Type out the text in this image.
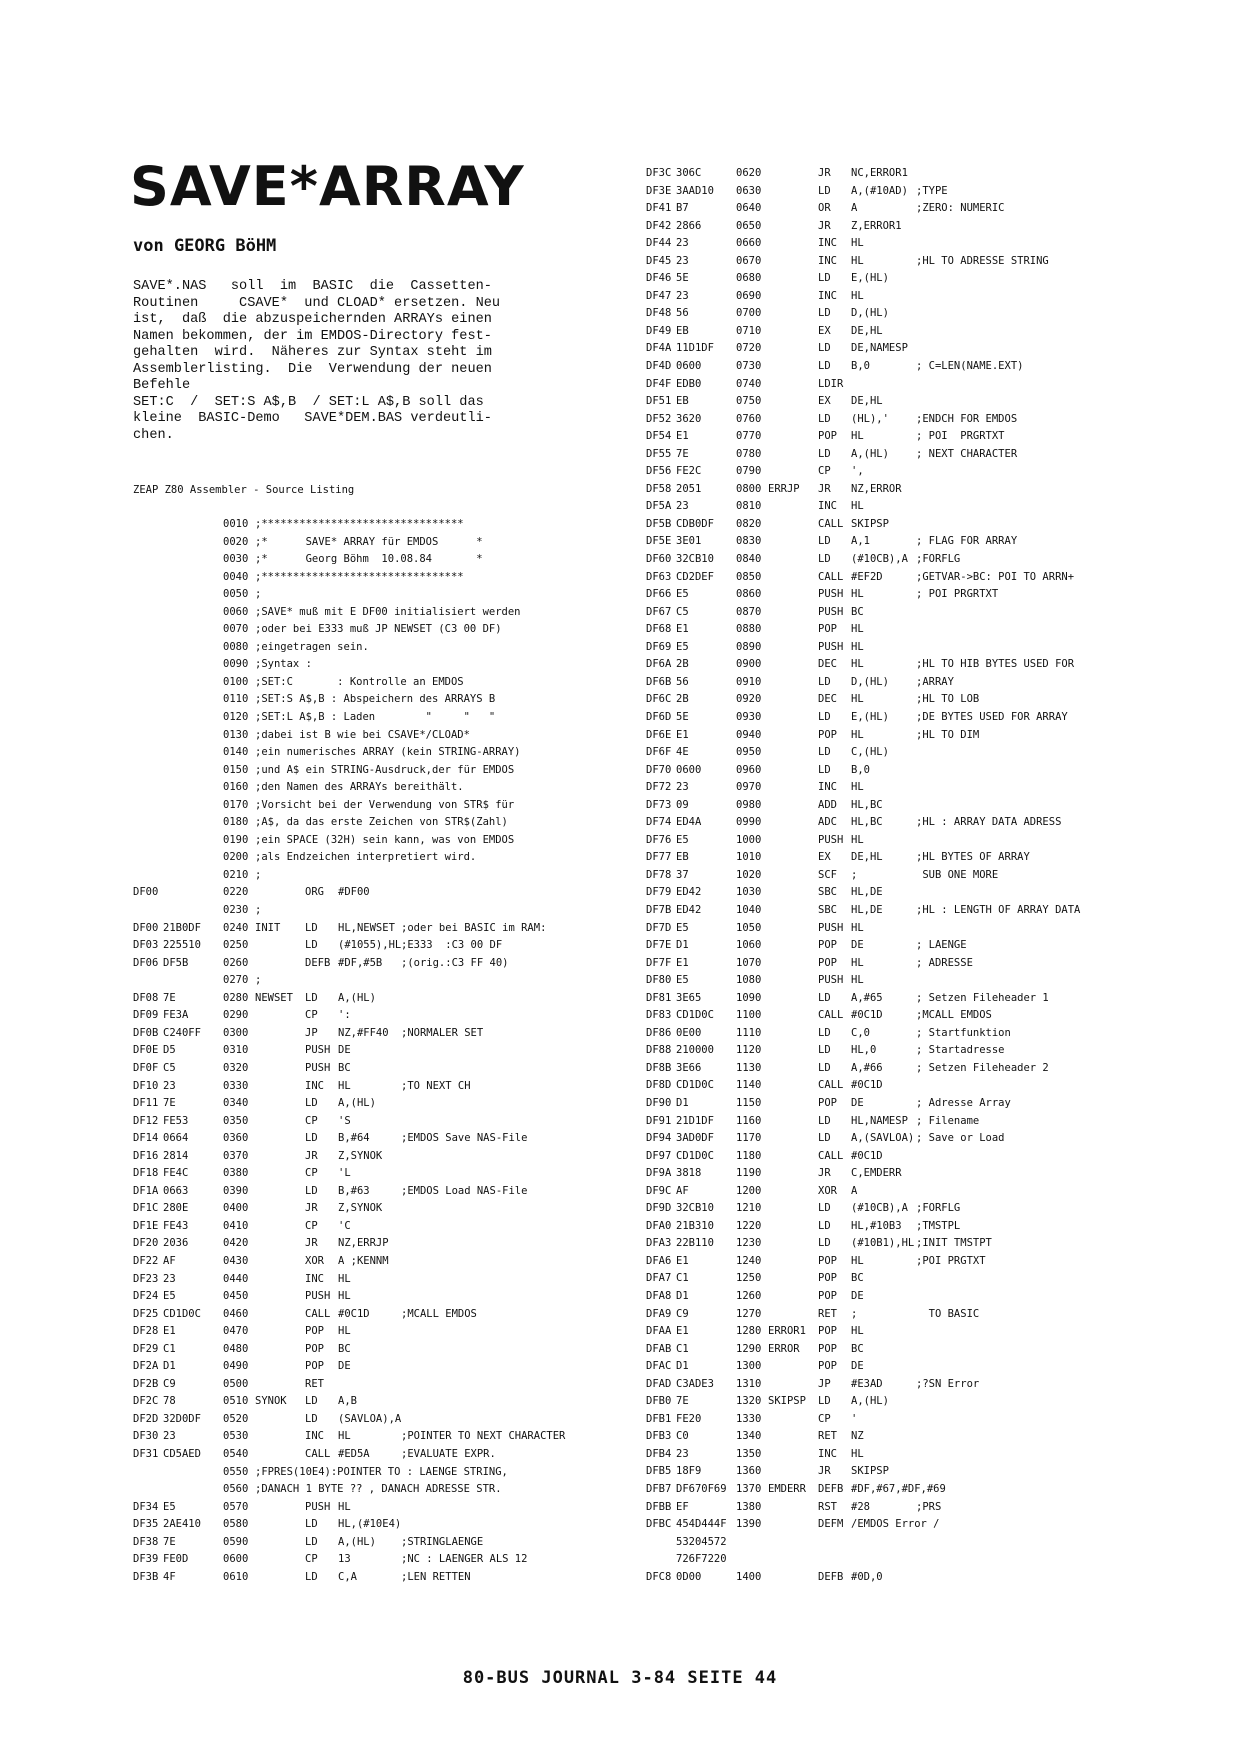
SAVE*ARRAY
von GEORG BöHM
SAVE*.NAS   soll  im  BASIC  die  Cassetten-
Routinen     CSAVE*  und CLOAD* ersetzen. Neu
ist,  daß  die abzuspeichernden ARRAYs einen
Namen bekommen, der im EMDOS-Directory fest-
gehalten  wird.  Näheres zur Syntax steht im
Assemblerlisting.  Die  Verwendung der neuen
Befehle
SET:C  /  SET:S A$,B  / SET:L A$,B soll das
kleine  BASIC-Demo   SAVE*DEM.BAS verdeutli-
chen.
ZEAP Z80 Assembler - Source Listing
0010 ;********************************
0020 ;*      SAVE* ARRAY für EMDOS      *
0030 ;*      Georg Böhm  10.08.84       *
0040 ;********************************
0050 ;
0060 ;SAVE* muß mit E DF00 initialisiert werden
0070 ;oder bei E333 muß JP NEWSET (C3 00 DF)
0080 ;eingetragen sein.
0090 ;Syntax :
0100 ;SET:C       : Kontrolle an EMDOS
0110 ;SET:S A$,B : Abspeichern des ARRAYS B
0120 ;SET:L A$,B : Laden        "     "   "
0130 ;dabei ist B wie bei CSAVE*/CLOAD*
0140 ;ein numerisches ARRAY (kein STRING-ARRAY)
0150 ;und A$ ein STRING-Ausdruck,der für EMDOS
0160 ;den Namen des ARRAYs bereithält.
0170 ;Vorsicht bei der Verwendung von STR$ für
0180 ;A$, da das erste Zeichen von STR$(Zahl)
0190 ;ein SPACE (32H) sein kann, was von EMDOS
0200 ;als Endzeichen interpretiert wird.
0210 ;
DF00	0220	ORG #DF00
0230 ;
DF00 21B0DF 0240 INIT LD HL,NEWSET ;oder bei BASIC im RAM:
DF03 225510 0250	LD (#1055),HL ;E333  :C3 00 DF
DF06 DF5B	0260	DEFB #DF,#5B ;(orig.:C3 FF 40)
0270 ;
DF08 7E	0280 NEWSET LD A,(HL)
DF09 FE3A	0290	CP ':
DF0B C240FF 0300	JP NZ,#FF40 ;NORMALER SET
DF0E D5	0310	PUSH DE
DF0F C5	0320	PUSH BC
DF10 23	0330	INC HL	;TO NEXT CH
DF11 7E	0340	LD A,(HL)
DF12 FE53	0350	CP 'S
DF14 0664	0360	LD B,#64	;EMDOS Save NAS-File
DF16 2814	0370	JR Z,SYNOK
DF18 FE4C	0380	CP 'L
DF1A 0663	0390	LD B,#63	;EMDOS Load NAS-File
DF1C 280E	0400	JR Z,SYNOK
DF1E FE43	0410	CP 'C
DF20 2036	0420	JR NZ,ERRJP
DF22 AF	0430	XOR A ;KENNM
DF23 23	0440	INC HL
DF24 E5	0450	PUSH HL
DF25 CD1D0C 0460	CALL #0C1D	;MCALL EMDOS
DF28 E1	0470	POP HL
DF29 C1	0480	POP BC
DF2A D1	0490	POP DE
DF2B C9	0500	RET
DF2C 78	0510 SYNOK LD A,B
DF2D 32D0DF 0520	LD (SAVLOA),A
DF30 23	0530	INC HL	;POINTER TO NEXT CHARACTER
DF31 CD5AED 0540	CALL #ED5A	;EVALUATE EXPR.
0550 ;FPRES(10E4):POINTER TO : LAENGE STRING,
0560 ;DANACH 1 BYTE ?? , DANACH ADRESSE STR.
DF34 E5	0570	PUSH HL
DF35 2AE410 0580	LD HL,(#10E4)
DF38 7E	0590	LD A,(HL) ;STRINGLAENGE
DF39 FE0D	0600	CP 13	;NC : LAENGER ALS 12
DF3B 4F	0610	LD C,A	;LEN RETTEN
DF3C 306C	0620	JR NC,ERROR1
DF3E 3AAD10 0630	LD A,(#10AD) ;TYPE
DF41 B7	0640	OR A	;ZERO: NUMERIC
DF42 2866	0650	JR Z,ERROR1
DF44 23	0660	INC HL
DF45 23	0670	INC HL	;HL TO ADRESSE STRING
DF46 5E	0680	LD E,(HL)
DF47 23	0690	INC HL
DF48 56	0700	LD D,(HL)
DF49 EB	0710	EX DE,HL
DF4A 11D1DF 0720	LD DE,NAMESP
DF4D 0600	0730	LD B,0	; C=LEN(NAME.EXT)
DF4F EDB0	0740	LDIR
DF51 EB	0750	EX DE,HL
DF52 3620	0760	LD (HL),'	;ENDCH FOR EMDOS
DF54 E1	0770	POP HL	; POI  PRGRTXT
DF55 7E	0780	LD A,(HL)	; NEXT CHARACTER
DF56 FE2C	0790	CP ',
DF58 2051	0800 ERRJP JR NZ,ERROR
DF5A 23	0810	INC HL
DF5B CDB0DF 0820	CALL SKIPSP
DF5E 3E01	0830	LD A,1	; FLAG FOR ARRAY
DF60 32CB10 0840	LD (#10CB),A ;FORFLG
DF63 CD2DEF 0850	CALL #EF2D	;GETVAR->BC: POI TO ARRN+
DF66 E5	0860	PUSH HL	; POI PRGRTXT
DF67 C5	0870	PUSH BC
DF68 E1	0880	POP HL
DF69 E5	0890	PUSH HL
DF6A 2B	0900	DEC HL	;HL TO HIB BYTES USED FOR
DF6B 56	0910	LD D,(HL)	;ARRAY
DF6C 2B	0920	DEC HL	;HL TO LOB
DF6D 5E	0930	LD E,(HL)	;DE BYTES USED FOR ARRAY
DF6E E1	0940	POP HL	;HL TO DIM
DF6F 4E	0950	LD C,(HL)
DF70 0600	0960	LD B,0
DF72 23	0970	INC HL
DF73 09	0980	ADD HL,BC
DF74 ED4A	0990	ADC HL,BC	;HL : ARRAY DATA ADRESS
DF76 E5	1000	PUSH HL
DF77 EB	1010	EX DE,HL	;HL BYTES OF ARRAY
DF78 37	1020	SCF ;	SUB ONE MORE
DF79 ED42	1030	SBC HL,DE
DF7B ED42	1040	SBC HL,DE	;HL : LENGTH OF ARRAY DATA
DF7D E5	1050	PUSH HL
DF7E D1	1060	POP DE	; LAENGE
DF7F E1	1070	POP HL	; ADRESSE
DF80 E5	1080	PUSH HL
DF81 3E65	1090	LD A,#65	; Setzen Fileheader 1
DF83 CD1D0C 1100	CALL #0C1D	;MCALL EMDOS
DF86 0E00	1110	LD C,0	; Startfunktion
DF88 210000 1120	LD HL,0	; Startadresse
DF8B 3E66	1130	LD A,#66	; Setzen Fileheader 2
DF8D CD1D0C 1140	CALL #0C1D
DF90 D1	1150	POP DE	; Adresse Array
DF91 21D1DF 1160	LD HL,NAMESP ; Filename
DF94 3AD0DF 1170	LD A,(SAVLOA) ; Save or Load
DF97 CD1D0C 1180	CALL #0C1D
DF9A 3818	1190	JR C,EMDERR
DF9C AF	1200	XOR A
DF9D 32CB10 1210	LD (#10CB),A ;FORFLG
DFA0 21B310 1220	LD HL,#10B3 ;TMSTPL
DFA3 22B110 1230	LD (#10B1),HL ;INIT TMSTPT
DFA6 E1	1240	POP HL	;POI PRGTXT
DFA7 C1	1250	POP BC
DFA8 D1	1260	POP DE
DFA9 C9	1270	RET ;	TO BASIC
DFAA E1	1280 ERROR1 POP HL
DFAB C1	1290 ERROR POP BC
DFAC D1	1300	POP DE
DFAD C3ADE3 1310	JP #E3AD	;?SN Error
DFB0 7E	1320 SKIPSP LD A,(HL)
DFB1 FE20	1330	CP '
DFB3 C0	1340	RET NZ
DFB4 23	1350	INC HL
DFB5 18F9	1360	JR SKIPSP
DFB7 DF670F69 1370 EMDERR DEFB #DF,#67,#DF,#69
DFBB EF	1380	RST #28	;PRS
DFBC 454D444F 1390	DEFM /EMDOS Error /
53204572
726F7220
DFC8 0D00	1400	DEFB #0D,0
80-BUS JOURNAL 3-84 SEITE 44
